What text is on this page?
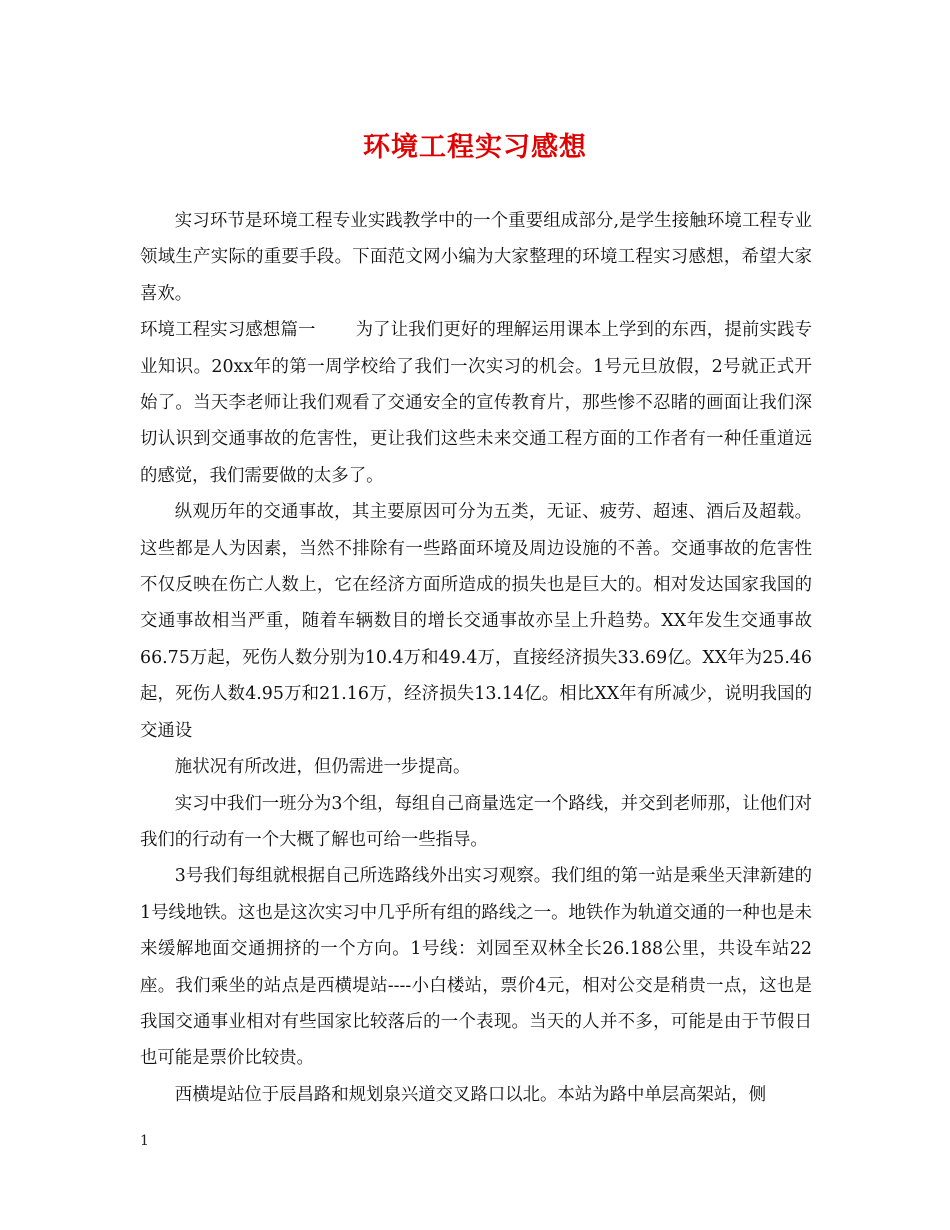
环境工程实习感想

实习环节是环境工程专业实践教学中的一个重要组成部分,是学生接触环境工程专业领域生产实际的重要手段。下面范文网小编为大家整理的环境工程实习感想，希望大家喜欢。

环境工程实习感想篇一 为了让我们更好的理解运用课本上学到的东西，提前实践专业知识。20xx年的第一周学校给了我们一次实习的机会。1号元旦放假，2号就正式开始了。当天李老师让我们观看了交通安全的宣传教育片，那些惨不忍睹的画面让我们深切认识到交通事故的危害性，更让我们这些未来交通工程方面的工作者有一种任重道远的感觉，我们需要做的太多了。

纵观历年的交通事故，其主要原因可分为五类，无证、疲劳、超速、酒后及超载。这些都是人为因素，当然不排除有一些路面环境及周边设施的不善。交通事故的危害性不仅反映在伤亡人数上，它在经济方面所造成的损失也是巨大的。相对发达国家我国的交通事故相当严重，随着车辆数目的增长交通事故亦呈上升趋势。XX年发生交通事故66.75万起，死伤人数分别为10.4万和49.4万，直接经济损失33.69亿。XX年为25.46起，死伤人数4.95万和21.16万，经济损失13.14亿。相比XX年有所减少，说明我国的交通设

施状况有所改进，但仍需进一步提高。

实习中我们一班分为3个组，每组自己商量选定一个路线，并交到老师那，让他们对我们的行动有一个大概了解也可给一些指导。

3号我们每组就根据自己所选路线外出实习观察。我们组的第一站是乘坐天津新建的1号线地铁。这也是这次实习中几乎所有组的路线之一。地铁作为轨道交通的一种也是未来缓解地面交通拥挤的一个方向。1号线：刘园至双林全长26.188公里，共设车站22座。我们乘坐的站点是西横堤站----小白楼站，票价4元，相对公交是稍贵一点，这也是我国交通事业相对有些国家比较落后的一个表现。当天的人并不多，可能是由于节假日也可能是票价比较贵。

西横堤站位于辰昌路和规划泉兴道交叉路口以北。本站为路中单层高架站，侧

1
